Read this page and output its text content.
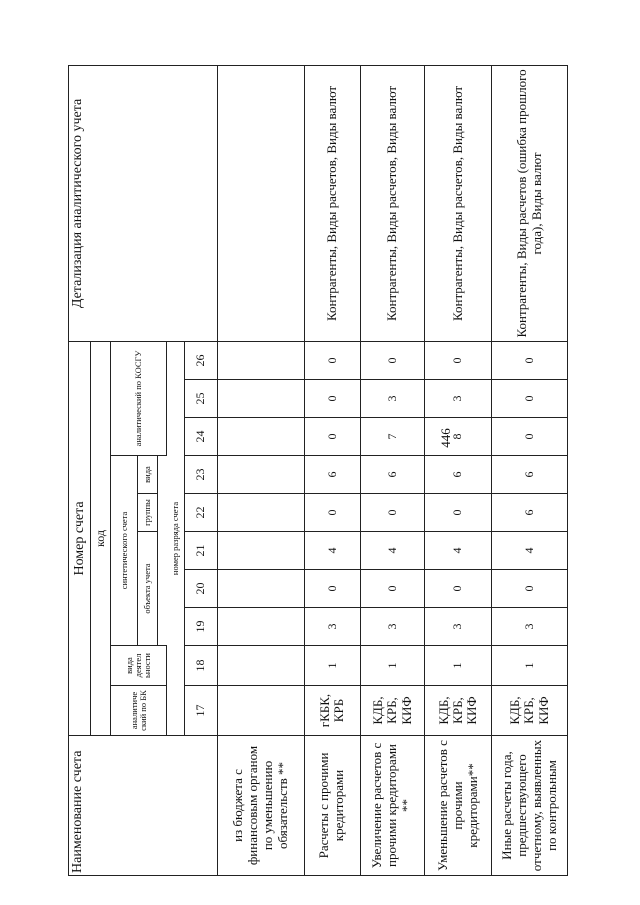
446
Наименование счета	Номер счета										Детализация аналитического учета
	код										
	аналитиче ский по БК	вида деятел ьности	синтетического счета					аналитический по КОСГУ			
			объекта учета			группы	вида				

	номер разряда счета										
	17	18	19	20	21	22	23	24	25	26	
из бюджета с финансовым органом по уменьшению обязательств **											
Расчеты с прочими кредиторами	гКБК, КРБ	1	3	0	4	0	6	0	0	0	Контрагенты, Виды расчетов, Виды валют
Увеличение расчетов с прочими кредиторами **	КДБ, КРБ, КИФ	1	3	0	4	0	6	7	3	0	Контрагенты, Виды расчетов, Виды валют
Уменьшение расчетов с прочими кредиторами**	КДБ, КРБ, КИФ	1	3	0	4	0	6	8	3	0	Контрагенты, Виды расчетов, Виды валют
Иные расчеты года, предшествующего отчетному, выявленных по контрольным	КДБ, КРБ, КИФ	1	3	0	4	6	6	0	0	0	Контрагенты, Виды расчетов (ошибка прошлого года), Виды валют
